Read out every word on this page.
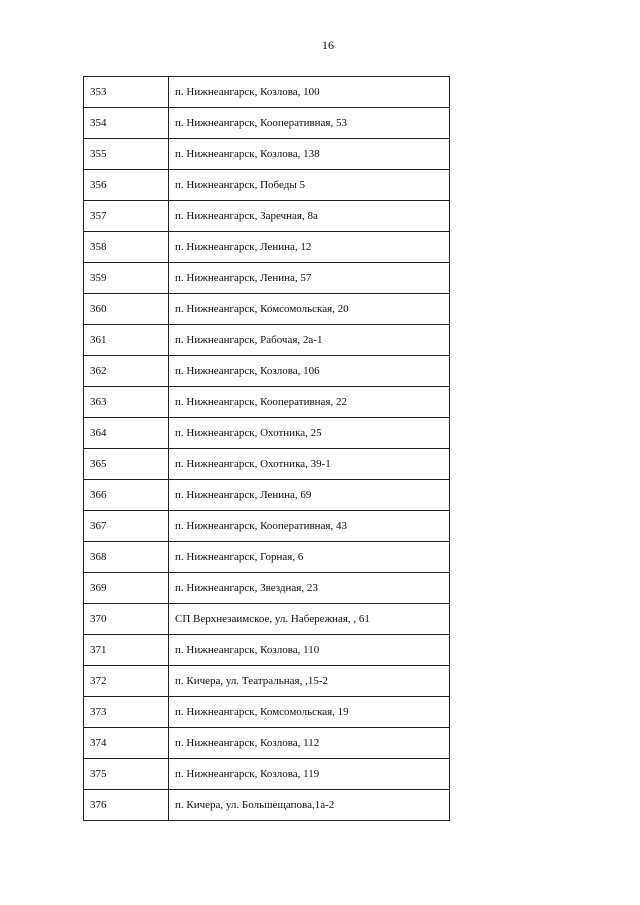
16
353	п. Нижнеангарск, Козлова, 100
354	п. Нижнеангарск, Кооперативная, 53
355	п. Нижнеангарск, Козлова, 138
356	п. Нижнеангарск, Победы 5
357	п. Нижнеангарск, Заречная, 8а
358	п. Нижнеангарск, Ленина, 12
359	п. Нижнеангарск, Ленина, 57
360	п. Нижнеангарск, Комсомольская, 20
361	п. Нижнеангарск, Рабочая, 2а-1
362	п. Нижнеангарск, Козлова, 106
363	п. Нижнеангарск, Кооперативная, 22
364	п. Нижнеангарск, Охотника, 25
365	п. Нижнеангарск, Охотника, 39-1
366	п. Нижнеангарск, Ленина, 69
367	п. Нижнеангарск, Кооперативная, 43
368	п. Нижнеангарск, Горная, 6
369	п. Нижнеангарск, Звездная, 23
370	СП Верхнезаимское, ул. Набережная, , 61
371	п. Нижнеангарск, Козлова, 110
372	п. Кичера, ул. Театральная, ,15-2
373	п. Нижнеангарск, Комсомольская, 19
374	п. Нижнеангарск, Козлова, 112
375	п. Нижнеангарск, Козлова, 119
376	п. Кичера, ул. Большещапова,1а-2
